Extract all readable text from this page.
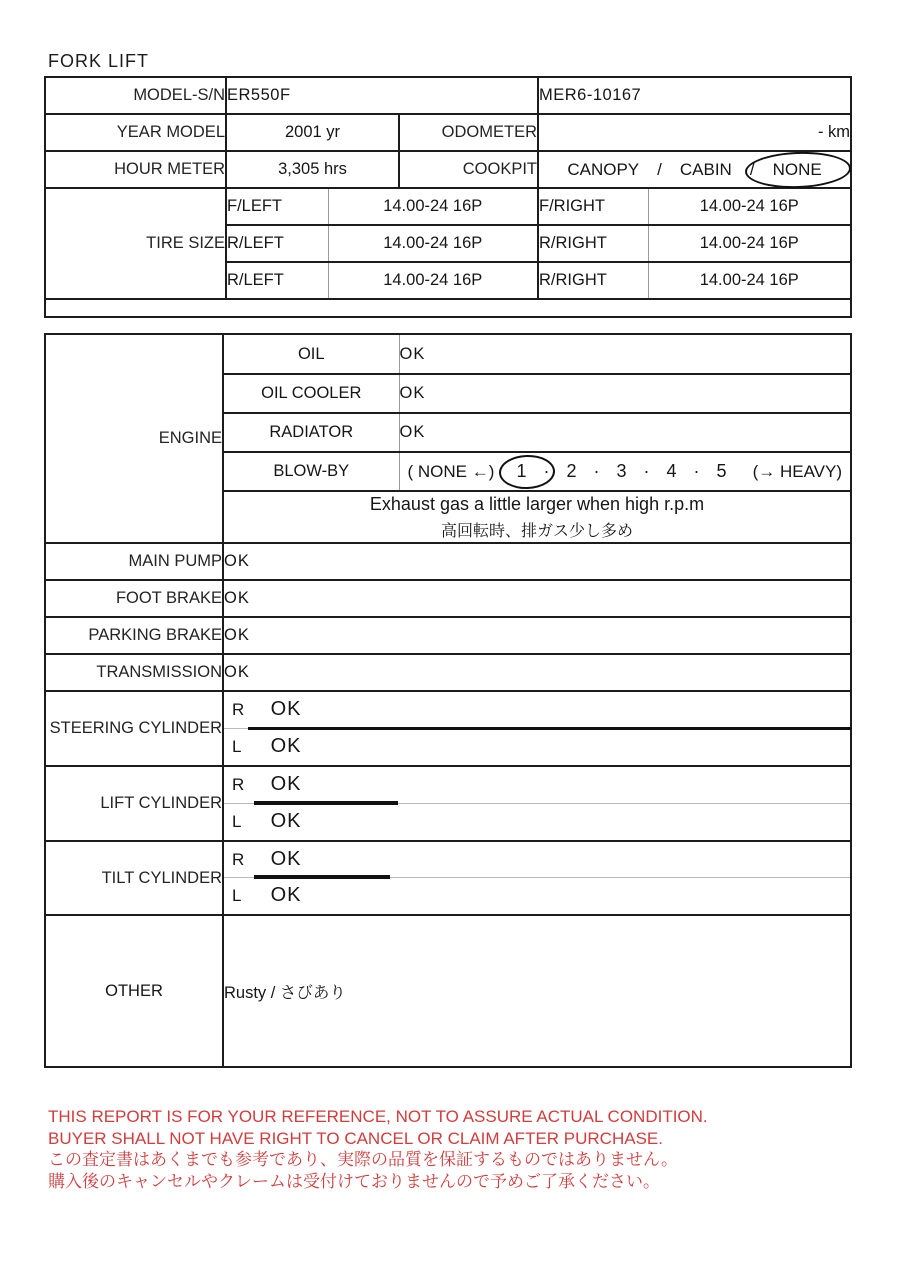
FORK LIFT
MODEL-S/N	ER550F			MER6-10167	
YEAR MODEL	2001 yr		ODOMETER	- km	
HOUR METER	3,305 hrs		COOKPIT	CANOPY / CABIN / NONE	

TIRE SIZE	F/LEFT	14.00-24 16P		F/RIGHT	14.00-24 16P
	R/LEFT	14.00-24 16P		R/RIGHT	14.00-24 16P
	R/LEFT	14.00-24 16P		R/RIGHT	14.00-24 16P

ENGINE	OIL	OK
	OIL COOLER	OK
	RADIATOR	OK
BLOW-BY	( NONE ←) 1 · 2 · 3 · 4 · 5 (→ HEAVY)

	Exhaust gas a little larger when high r.p.m
高回転時、排ガス少し多め	

MAIN PUMP	OK	
FOOT BRAKE	OK	
PARKING BRAKE	OK	
TRANSMISSION	OK	
STEERING CYLINDER	R OK	

	L OK	
LIFT CYLINDER	R OK	

	L OK	
TILT CYLINDER	R OK	

	L OK	
OTHER	Rusty / さびあり	
THIS REPORT IS FOR YOUR REFERENCE, NOT TO ASSURE ACTUAL CONDITION.
BUYER SHALL NOT HAVE RIGHT TO CANCEL OR CLAIM AFTER PURCHASE.
この査定書はあくまでも参考であり、実際の品質を保証するものではありません。
購入後のキャンセルやクレームは受付けておりませんので予めご了承ください。
